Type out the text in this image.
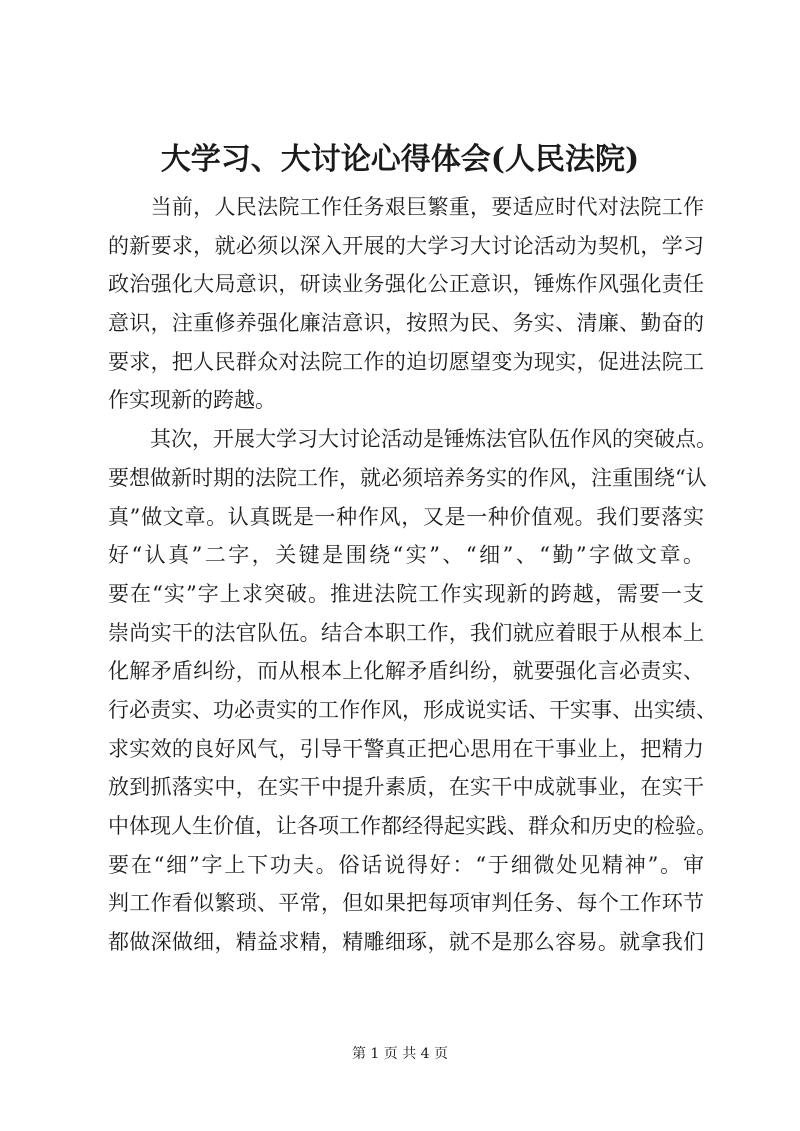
大学习、大讨论心得体会(人民法院)
　　当前，人民法院工作任务艰巨繁重，要适应时代对法院工作
的新要求，就必须以深入开展的大学习大讨论活动为契机，学习
政治强化大局意识，研读业务强化公正意识，锤炼作风强化责任
意识，注重修养强化廉洁意识，按照为民、务实、清廉、勤奋的
要求，把人民群众对法院工作的迫切愿望变为现实，促进法院工
作实现新的跨越。
　　其次，开展大学习大讨论活动是锤炼法官队伍作风的突破点。
要想做新时期的法院工作，就必须培养务实的作风，注重围绕“认
真”做文章。认真既是一种作风，又是一种价值观。我们要落实
好“认真”二字，关键是围绕“实”、“细”、“勤”字做文章。
要在“实”字上求突破。推进法院工作实现新的跨越，需要一支
崇尚实干的法官队伍。结合本职工作，我们就应着眼于从根本上
化解矛盾纠纷，而从根本上化解矛盾纠纷，就要强化言必责实、
行必责实、功必责实的工作作风，形成说实话、干实事、出实绩、
求实效的良好风气，引导干警真正把心思用在干事业上，把精力
放到抓落实中，在实干中提升素质，在实干中成就事业，在实干
中体现人生价值，让各项工作都经得起实践、群众和历史的检验。
要在“细”字上下功夫。俗话说得好：“于细微处见精神”。审
判工作看似繁琐、平常，但如果把每项审判任务、每个工作环节
都做深做细，精益求精，精雕细琢，就不是那么容易。就拿我们
第 1 页 共 4 页
